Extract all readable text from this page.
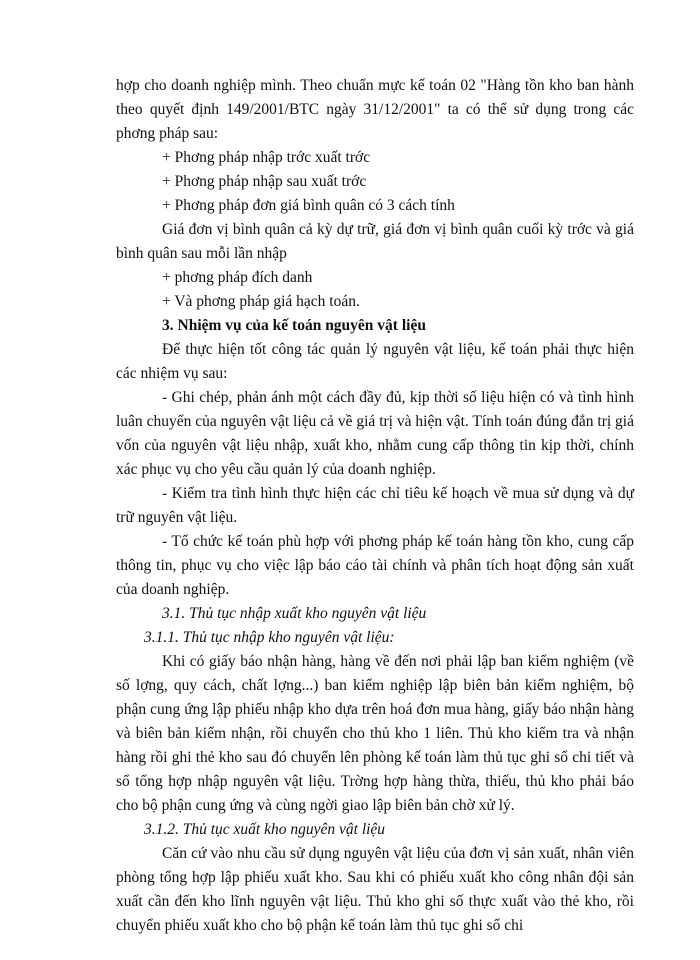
hợp cho doanh nghiệp mình. Theo chuẩn mực kế toán 02 "Hàng tồn kho ban hành theo quyết định 149/2001/BTC ngày 31/12/2001" ta có thể sử dụng trong các phơng pháp sau:

+ Phơng pháp nhập trớc xuất trớc

+ Phơng pháp nhập sau xuất trớc

+ Phơng pháp đơn giá bình quân có 3 cách tính

Giá đơn vị bình quân cả kỳ dự trữ, giá đơn vị bình quân cuối kỳ trớc và giá bình quân sau mỗi lần nhập

+ phơng pháp đích danh

+ Và phơng pháp giá hạch toán.

3. Nhiệm vụ của kế toán nguyên vật liệu

Để thực hiện tốt công tác quản lý nguyên vật liệu, kế toán phải thực hiện các nhiệm vụ sau:

- Ghi chép, phản ánh một cách đầy đủ, kịp thời số liệu hiện có và tình hình luân chuyển của nguyên vật liệu cả về giá trị và hiện vật. Tính toán đúng đắn trị giá vốn của nguyên vật liệu nhập, xuất kho, nhằm cung cấp thông tin kịp thời, chính xác phục vụ cho yêu cầu quản lý của doanh nghiệp.

- Kiểm tra tình hình thực hiện các chỉ tiêu kế hoạch về mua sử dụng và dự trữ nguyên vật liệu.

- Tổ chức kế toán phù hợp với phơng pháp kế toán hàng tồn kho, cung cấp thông tin, phục vụ cho việc lập báo cáo tài chính và phân tích hoạt động sản xuất của doanh nghiệp.

3.1. Thủ tục nhập xuất kho nguyên vật liệu

3.1.1. Thủ tục nhập kho nguyên vật liệu:

Khi có giấy báo nhận hàng, hàng về đến nơi phải lập ban kiểm nghiệm (về số lợng, quy cách, chất lợng...) ban kiểm nghiệp lập biên bản kiểm nghiệm, bộ phận cung ứng lập phiếu nhập kho dựa trên hoá đơn mua hàng, giấy báo nhận hàng và biên bản kiểm nhận, rồi chuyển cho thủ kho 1 liên. Thủ kho kiểm tra và nhận hàng rồi ghi thẻ kho sau đó chuyển lên phòng kế toán làm thủ tục ghi sổ chi tiết và sổ tổng hợp nhập nguyên vật liệu. Trờng hợp hàng thừa, thiếu, thủ kho phải báo cho bộ phận cung ứng và cùng ngời giao lập biên bản chờ xử lý.

3.1.2. Thủ tục xuất kho nguyên vật liệu

Căn cứ vào nhu cầu sử dụng nguyên vật liệu của đơn vị sản xuất, nhân viên phòng tổng hợp lập phiếu xuất kho. Sau khi có phiếu xuất kho công nhân đội sản xuất cần đến kho lĩnh nguyên vật liệu. Thủ kho ghi số thực xuất vào thẻ kho, rồi chuyển phiếu xuất kho cho bộ phận kế toán làm thủ tục ghi sổ chi
